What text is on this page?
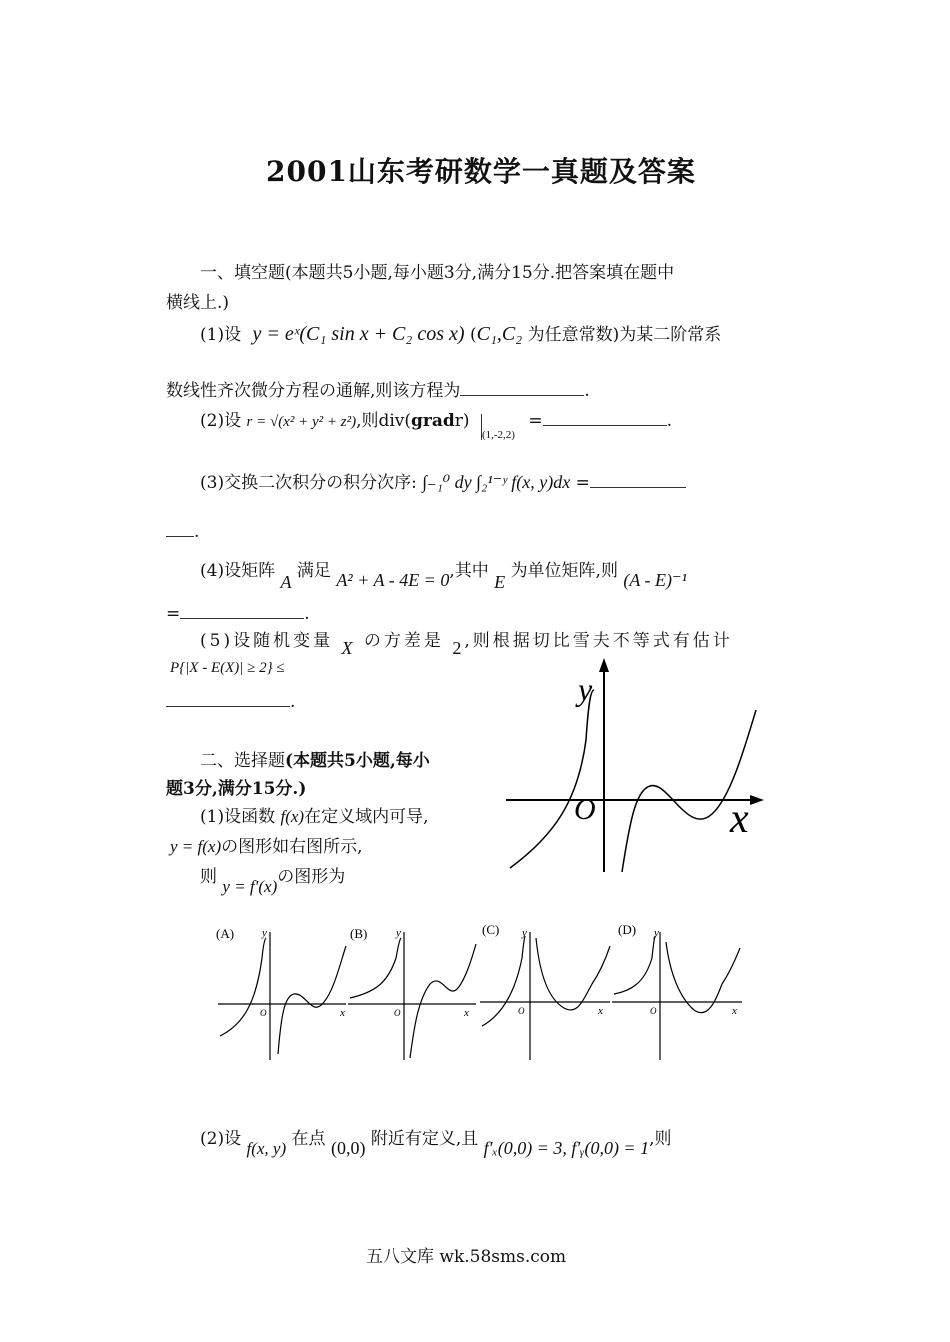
2001山东考研数学一真题及答案
一、填空题(本题共5小题,每小题3分,满分15分.把答案填在题中
横线上.)
(1)设 y = eˣ(C₁ sin x + C₂ cos x) (C₁,C₂ 为任意常数)为某二阶常系
数线性齐次微分方程の通解,则该方程为	.
(2)设 r = √(x² + y² + z²),则div(gradr) $_{(1,-2,2)}$ =	.
(3)交换二次积分の积分次序: ∫₋₁⁰ dy ∫₂¹⁻ʸ f(x, y)dx =
.
(4)设矩阵 A 满足 A² + A - 4E = 0,其中 E 为单位矩阵,则 (A - E)⁻¹
=	.
(5)设随机变量 X の方差是 2,则根据切比雪夫不等式有估计
P{|X - E(X)| ≥ 2} ≤
.
二、选择题(本题共5小题,每小
题3分,满分15分.)
(1)设函数 f(x)在定义域内可导,
y = f(x)の图形如右图所示,
则 y = f′(x)の图形为
y
O	x
(A)	y
O	x
(B)	y
O	x
(C) y
O	x
(D) y
O	x
(2)设 f(x, y) 在点 (0,0) 附近有定义,且 f′ₓ(0,0) = 3, f′ᵧ(0,0) = 1,则
五八文库 wk.58sms.com
